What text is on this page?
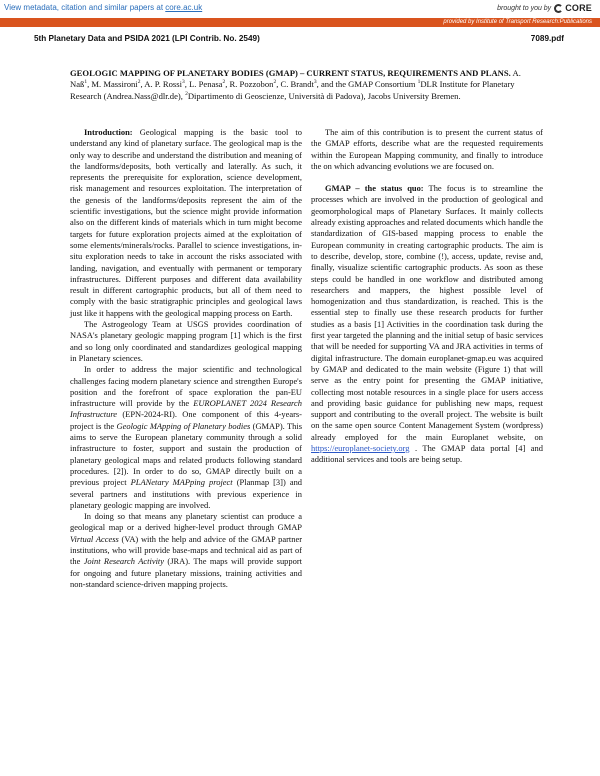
View metadata, citation and similar papers at core.ac.uk	brought to you by CORE
provided by Institute of Transport Research:Publications
5th Planetary Data and PSIDA 2021 (LPI Contrib. No. 2549)	7089.pdf
GEOLOGIC MAPPING OF PLANETARY BODIES (GMAP) – CURRENT STATUS, REQUIREMENTS AND PLANS. A. Naß$^1$, M. Massironi$^2$, A. P. Rossi$^3$, L. Penasa$^2$, R. Pozzobon$^2$, C. Brandt$^3$, and the GMAP Consortium $^1$DLR Institute for Planetary Research (Andrea.Nass@dlr.de), $^2$Dipartimento di Geoscienze, Università di Padova), Jacobs University Bremen.

Introduction: Geological mapping is the basic tool to understand any kind of planetary surface. The geological map is the only way to describe and understand the distribution and meaning of the landforms/deposits, both vertically and laterally. As such, it represents the prerequisite for exploration, science development, risk management and resources exploitation. The interpretation of the genesis of the landforms/deposits represent the aim of the scientific investigations, but the science might provide information also on the different kinds of materials which in turn might become targets for future exploration projects aimed at the exploitation of some elements/minerals/rocks. Parallel to science investigations, in-situ exploration needs to take in account the risks associated with landing, navigation, and eventually with permanent or temporary infrastructures. Different purposes and different data availability result in different cartographic products, but all of them need to comply with the basic stratigraphic principles and geological laws just like it happens with the geological mapping process on Earth.

The Astrogeology Team at USGS provides coordination of NASA's planetary geologic mapping program [1] which is the first and so long only coordinated and standardizes geological mapping in Planetary sciences.

In order to address the major scientific and technological challenges facing modern planetary science and strengthen Europe's position and the forefront of space exploration the pan-EU infrastructure will provide by the EUROPLANET 2024 Research Infrastructure (EPN-2024-RI). One component of this 4-years-project is the Geologic MApping of Planetary bodies (GMAP). This aims to serve the European planetary community through a solid infrastructure to foster, support and sustain the production of planetary geological maps and related products following standard procedures. [2]). In order to do so, GMAP directly built on a previous project PLANetary MAPping project (Planmap [3]) and several partners and institutions with previous experience in planetary geologic mapping are involved.

In doing so that means any planetary scientist can produce a geological map or a derived higher-level product through GMAP Virtual Access (VA) with the help and advice of the GMAP partner institutions, who will provide base-maps and technical aid as part of the Joint Research Activity (JRA). The maps will provide support for ongoing and future planetary missions, training activities and non-standard science-driven mapping projects.

The aim of this contribution is to present the current status of the GMAP efforts, describe what are the requested requirements within the European Mapping community, and finally to introduce the on which advancing evolutions we are focused on.

GMAP – the status quo: The focus is to streamline the processes which are involved in the production of geological and geomorphological maps of Planetary Surfaces. It mainly collects already existing approaches and related documents which handle the standardization of GIS-based mapping process to enable the European community in creating cartographic products. The aim is to describe, develop, store, combine (!), access, update, revise and, finally, visualize scientific cartographic products. As soon as these steps could be handled in one workflow and distributed among researchers and mappers, the highest possible level of homogenization and thus standardization, is reached. This is the essential step to finally use these research products for further studies as a basis [1] Activities in the coordination task during the first year targeted the planning and the initial setup of basic services that will be needed for supporting VA and JRA activities in terms of digital infrastructure. The domain europlanet-gmap.eu was acquired by GMAP and dedicated to the main website (Figure 1) that will serve as the entry point for presenting the GMAP initiative, collecting most notable resources in a single place for users access and providing basic guidance for publishing new maps, request support and contributing to the overall project. The website is built on the same open source Content Management System (wordpress) already employed for the main Europlanet website, on https://europlanet-society.org . The GMAP data portal [4] and additional services and tools are being setup.
